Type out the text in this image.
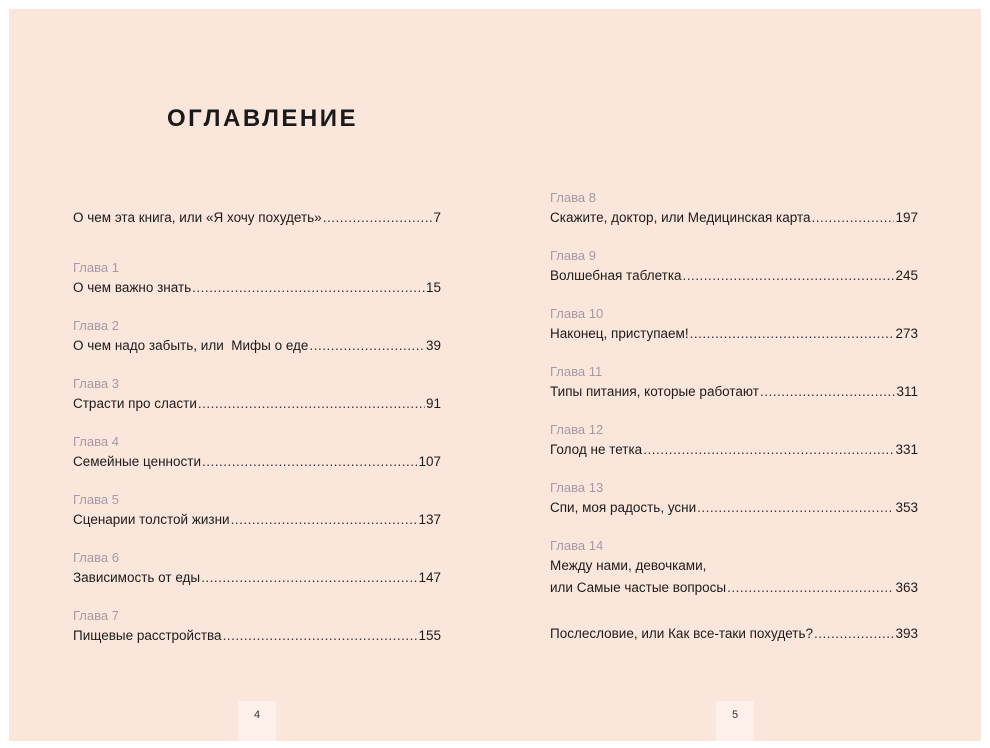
ОГЛАВЛЕНИЕ
О чем эта книга, или «Я хочу похудеть» .....	7
Глава 1
О чем важно знать .....	15
Глава 2
О чем надо забыть, или  Мифы о еде .....	39
Глава 3
Страсти про сласти .....	91
Глава 4
Семейные ценности .....	107
Глава 5
Сценарии толстой жизни .....	137
Глава 6
Зависимость от еды .....	147
Глава 7
Пищевые расстройства .....	155
Глава 8
Скажите, доктор, или Медицинская карта .....	197
Глава 9
Волшебная таблетка .....	245
Глава 10
Наконец, приступаем! .....	273
Глава 11
Типы питания, которые работают .....	311
Глава 12
Голод не тетка .....	331
Глава 13
Спи, моя радость, усни .....	353
Глава 14
Между нами, девочками,
или Самые частые вопросы .....	363
Послесловие, или Как все-таки похудеть? .....	393
4	5
